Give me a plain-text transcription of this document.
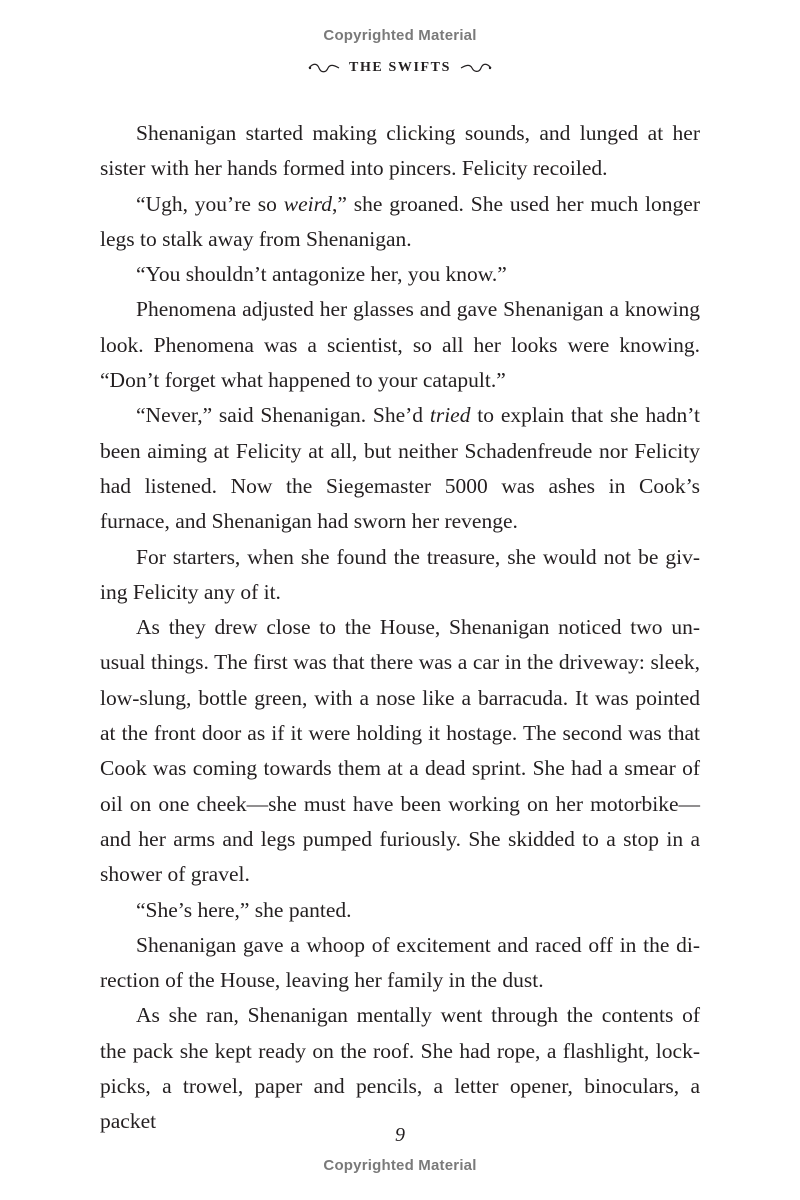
Copyrighted Material
THE SWIFTS

Shenanigan started making clicking sounds, and lunged at her sister with her hands formed into pincers. Felicity recoiled.

“Ugh, you’re so weird,” she groaned. She used her much longer legs to stalk away from Shenanigan.

“You shouldn’t antagonize her, you know.”

Phenomena adjusted her glasses and gave Shenanigan a knowing look. Phenomena was a scientist, so all her looks were knowing. “Don’t forget what happened to your catapult.”

“Never,” said Shenanigan. She’d tried to explain that she hadn’t been aiming at Felicity at all, but neither Schadenfreude nor Felicity had listened. Now the Siegemaster 5000 was ashes in Cook’s furnace, and Shenanigan had sworn her revenge.

For starters, when she found the treasure, she would not be giving Felicity any of it.

As they drew close to the House, Shenanigan noticed two unusual things. The first was that there was a car in the driveway: sleek, low-slung, bottle green, with a nose like a barracuda. It was pointed at the front door as if it were holding it hostage. The second was that Cook was coming towards them at a dead sprint. She had a smear of oil on one cheek—she must have been working on her motorbike—and her arms and legs pumped furiously. She skidded to a stop in a shower of gravel.

“She’s here,” she panted.

Shenanigan gave a whoop of excitement and raced off in the direction of the House, leaving her family in the dust.

As she ran, Shenanigan mentally went through the contents of the pack she kept ready on the roof. She had rope, a flashlight, lockpicks, a trowel, paper and pencils, a letter opener, binoculars, a packet

9
Copyrighted Material
